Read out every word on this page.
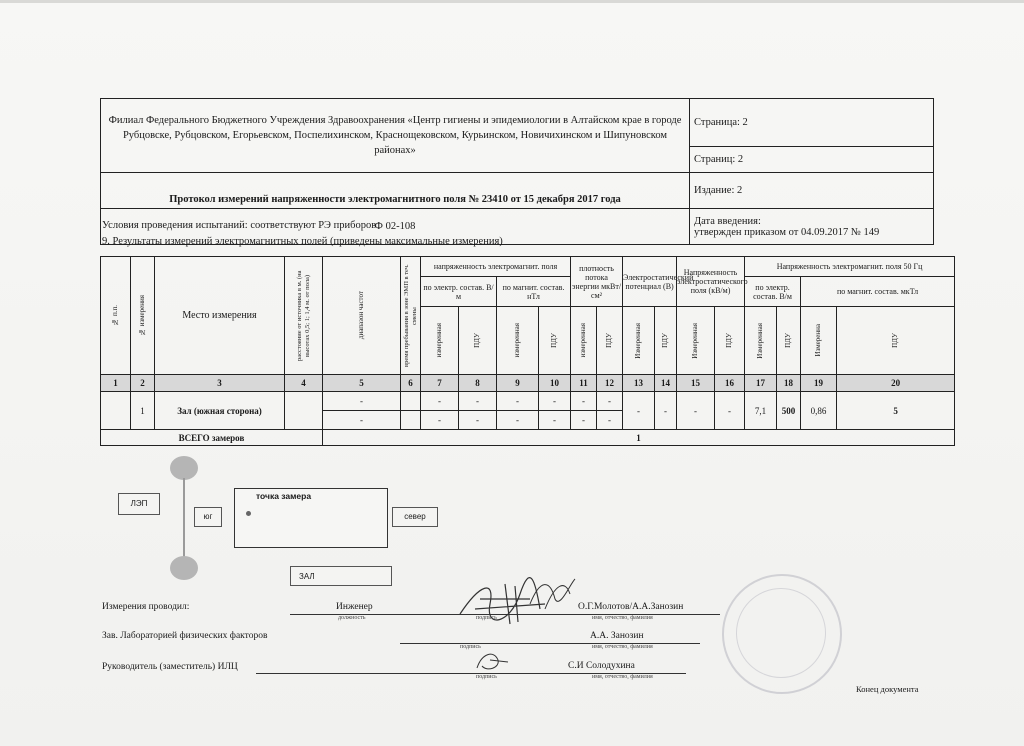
Филиал Федерального Бюджетного Учреждения Здравоохранения «Центр гигиены и эпидемиологии в Алтайском крае в городе Рубцовске, Рубцовском, Егорьевском, Поспелихинском, Краснощековском, Курьинском, Новичихинском и Шипуновском районах»	Страница: 2
	Страниц: 2
Протокол измерений напряженности электромагнитного поля № 23410 от 15 декабря 2017 года	Издание: 2
Ф 02-108	Дата введения:
утвержден приказом от 04.09.2017 № 149
Условия проведения испытаний: соответствуют РЭ приборов
9. Результаты измерений электромагнитных полей (приведены максимальные измерения)
№ п.п.	№ измерения	Место измерения	расстояние от источника в м. (на высотах 0,5; 1; 1,4 м. от пола)	диапазон частот	время пребывания в зоне ЭМП в теч. смены	напряженность электромагнит. поля				плотность потока энергии мкВт/см²		Электростатический потенциал (В)		Напряженность электростатического поля (кВ/м)		Напряженность электромагнит. поля 50 Гц			
						по электр. состав. В/м		по магнит. состав. нТл								по электр. состав. В/м		по магнит. состав. мкТл	

						измеренная	ПДУ	измеренная	ПДУ	измеренная	ПДУ	Измеренная	ПДУ	Измеренная	ПДУ	Измеренная	ПДУ	Измеренна	ПДУ

1	2	3	4	5	6	7	8	9	10	11	12	13	14	15	16	17	18	19	20
	1	Зал (южная сторона)		-		-	-	-	-	-	-	-	-	-	-	7,1	500	0,86	5
				-		-	-	-	-	-	-								
ВСЕГО замеров				1															
ЛЭП
юг
точка замера
север
ЗАЛ
Измерения проводил:	Инженер
должность	подпись
О.Г.Молотов/А.А.Занозин
имя, отчество, фамилия
Зав. Лабораторией физических факторов
подпись
А.А. Занозин
имя, отчество, фамилия
Руководитель (заместитель) ИЛЦ
подпись
С.И Солодухина
имя, отчество, фамилия
Конец документа
